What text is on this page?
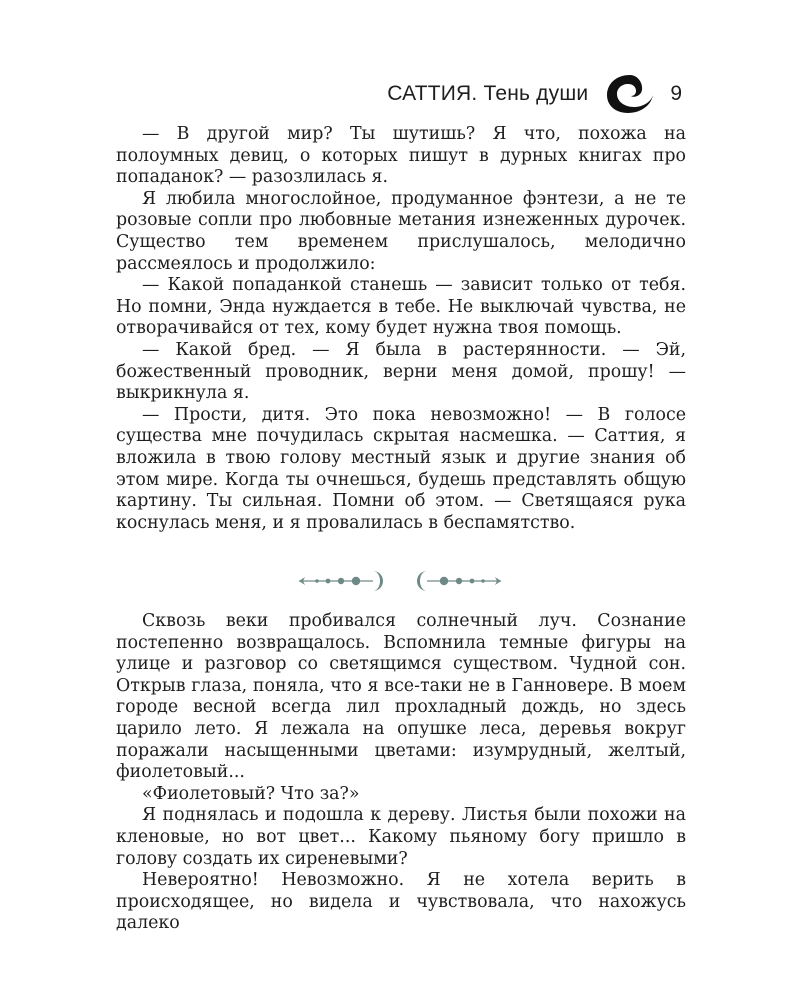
САТТИЯ. Тень души	9

— В другой мир? Ты шутишь? Я что, похожа на полоумных девиц, о которых пишут в дурных книгах про попаданок? — разозлилась я.

Я любила многослойное, продуманное фэнтези, а не те розовые сопли про любовные метания изнеженных дурочек. Существо тем временем прислушалось, мелодично рассмеялось и продолжило:

— Какой попаданкой станешь — зависит только от тебя. Но помни, Энда нуждается в тебе. Не выключай чувства, не отворачивайся от тех, кому будет нужна твоя помощь.

— Какой бред. — Я была в растерянности. — Эй, божественный проводник, верни меня домой, прошу! — выкрикнула я.

— Прости, дитя. Это пока невозможно! — В голосе существа мне почудилась скрытая насмешка. — Саттия, я вложила в твою голову местный язык и другие знания об этом мире. Когда ты очнешься, будешь представлять общую картину. Ты сильная. Помни об этом. — Светящаяся рука коснулась меня, и я провалилась в беспамятство.

Сквозь веки пробивался солнечный луч. Сознание постепенно возвращалось. Вспомнила темные фигуры на улице и разговор со светящимся существом. Чудной сон. Открыв глаза, поняла, что я все-таки не в Ганновере. В моем городе весной всегда лил прохладный дождь, но здесь царило лето. Я лежала на опушке леса, деревья вокруг поражали насыщенными цветами: изумрудный, желтый, фиолетовый...

«Фиолетовый? Что за?»

Я поднялась и подошла к дереву. Листья были похожи на кленовые, но вот цвет... Какому пьяному богу пришло в голову создать их сиреневыми?

Невероятно! Невозможно. Я не хотела верить в происходящее, но видела и чувствовала, что нахожусь далеко
